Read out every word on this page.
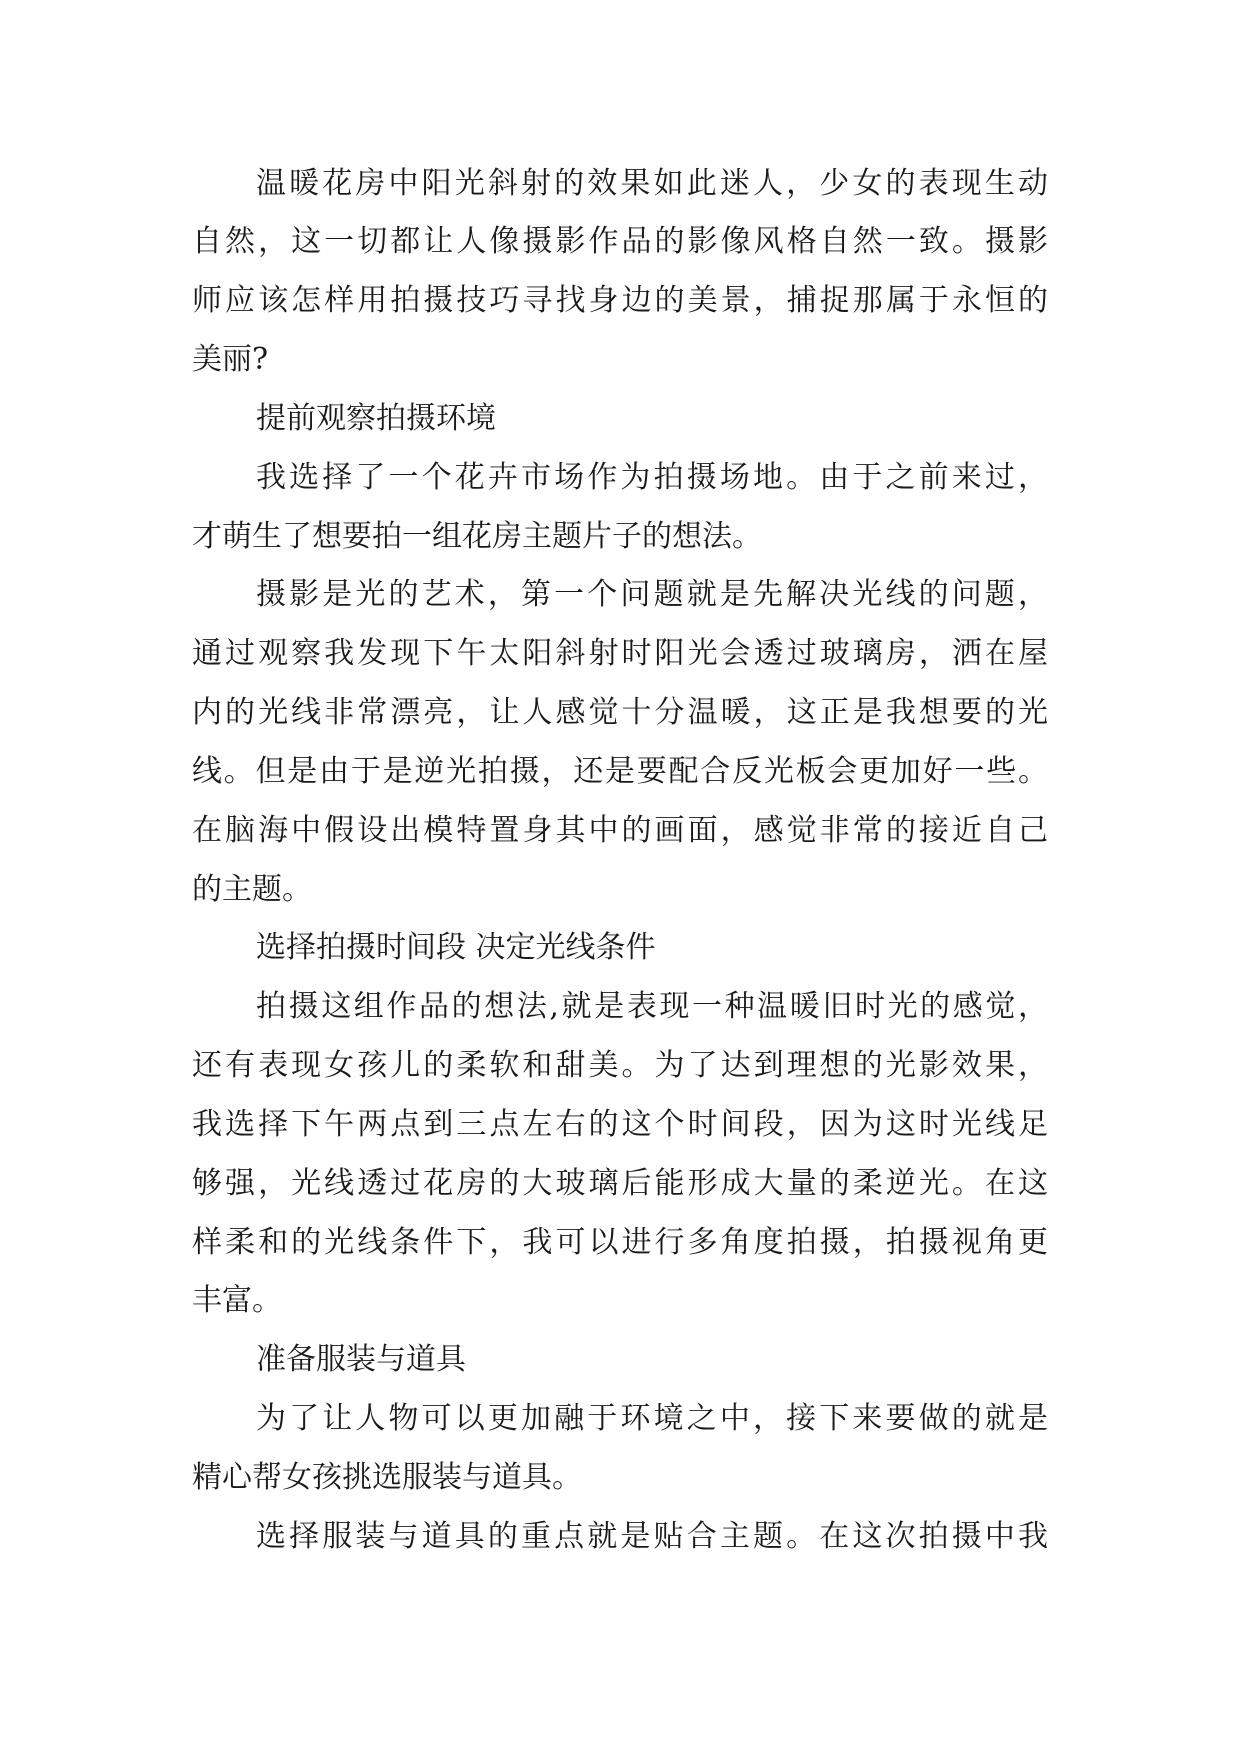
温暖花房中阳光斜射的效果如此迷人，少女的表现生动

自然，这一切都让人像摄影作品的影像风格自然一致。摄影

师应该怎样用拍摄技巧寻找身边的美景，捕捉那属于永恒的

美丽?

提前观察拍摄环境

我选择了一个花卉市场作为拍摄场地。由于之前来过，

才萌生了想要拍一组花房主题片子的想法。

摄影是光的艺术，第一个问题就是先解决光线的问题，

通过观察我发现下午太阳斜射时阳光会透过玻璃房，洒在屋

内的光线非常漂亮，让人感觉十分温暖，这正是我想要的光

线。但是由于是逆光拍摄，还是要配合反光板会更加好一些。

在脑海中假设出模特置身其中的画面，感觉非常的接近自己

的主题。

选择拍摄时间段 决定光线条件

拍摄这组作品的想法,就是表现一种温暖旧时光的感觉，

还有表现女孩儿的柔软和甜美。为了达到理想的光影效果，

我选择下午两点到三点左右的这个时间段，因为这时光线足

够强，光线透过花房的大玻璃后能形成大量的柔逆光。在这

样柔和的光线条件下，我可以进行多角度拍摄，拍摄视角更

丰富。

准备服装与道具

为了让人物可以更加融于环境之中，接下来要做的就是

精心帮女孩挑选服装与道具。

选择服装与道具的重点就是贴合主题。在这次拍摄中我
